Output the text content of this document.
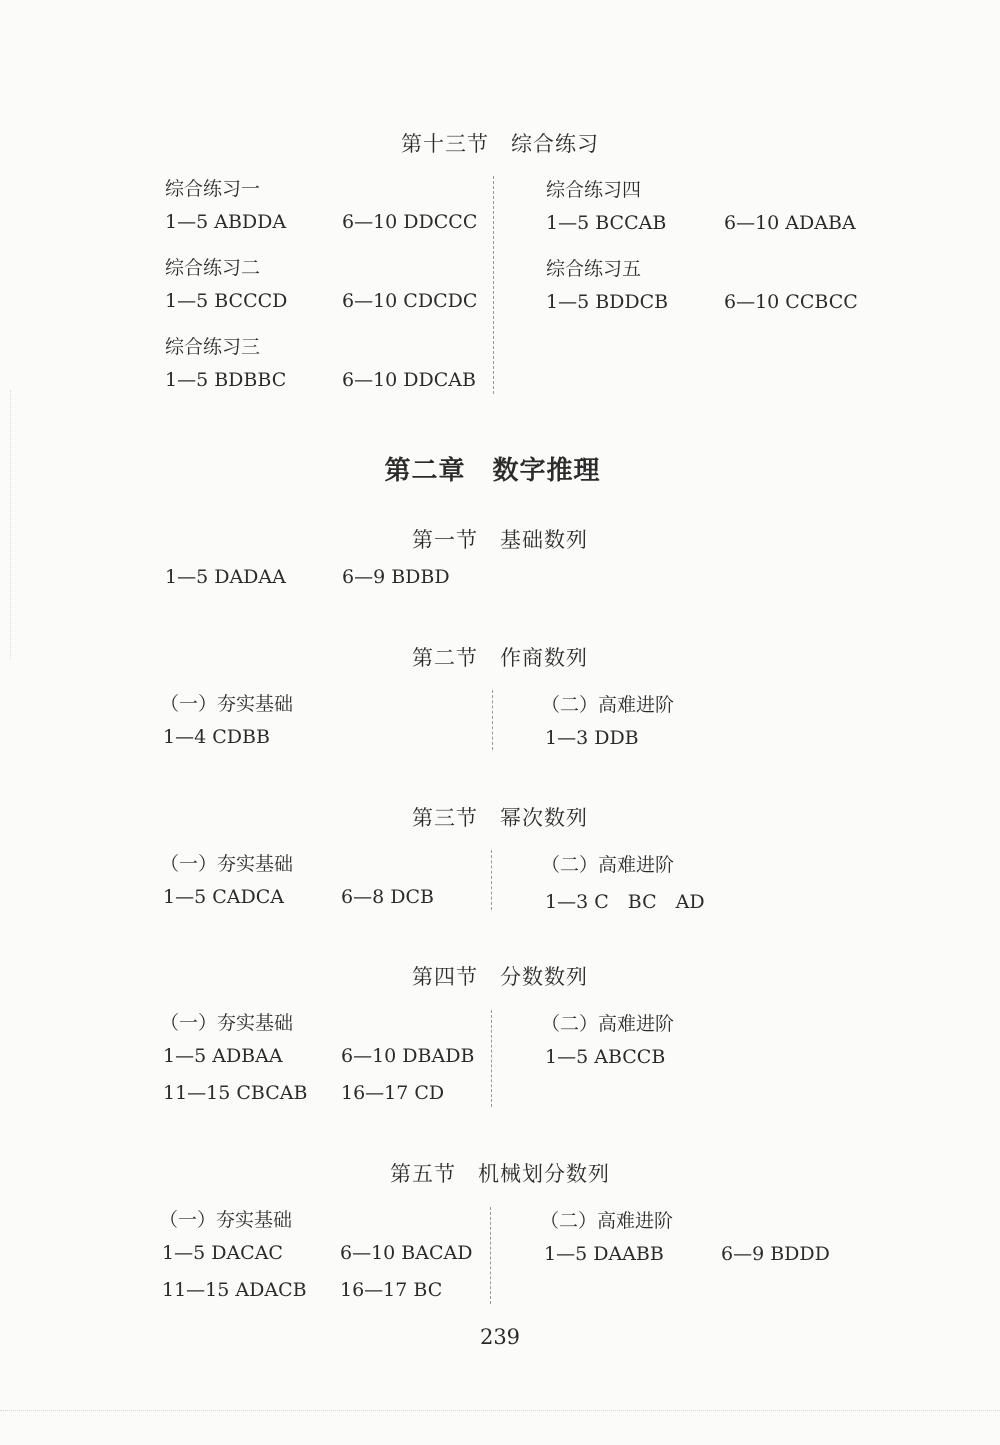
第十三节　综合练习
综合练习一
1—5 ABDDA	6—10 DDCCC
综合练习二
1—5 BCCCD	6—10 CDCDC
综合练习三
1—5 BDBBC	6—10 DDCAB
综合练习四
1—5 BCCAB	6—10 ADABA
综合练习五
1—5 BDDCB	6—10 CCBCC
第二章　数字推理
第一节　基础数列
1—5 DADAA	6—9 BDBD
第二节　作商数列
（一）夯实基础
1—4 CDBB
（二）高难进阶
1—3 DDB
第三节　幂次数列
（一）夯实基础
1—5 CADCA	6—8 DCB
（二）高难进阶
1—3 C　BC　AD
第四节　分数数列
（一）夯实基础
1—5 ADBAA	6—10 DBADB
11—15 CBCAB 16—17 CD
（二）高难进阶
1—5 ABCCB
第五节　机械划分数列
（一）夯实基础
1—5 DACAC	6—10 BACAD
11—15 ADACB 16—17 BC
（二）高难进阶
1—5 DAABB	6—9 BDDD
239
